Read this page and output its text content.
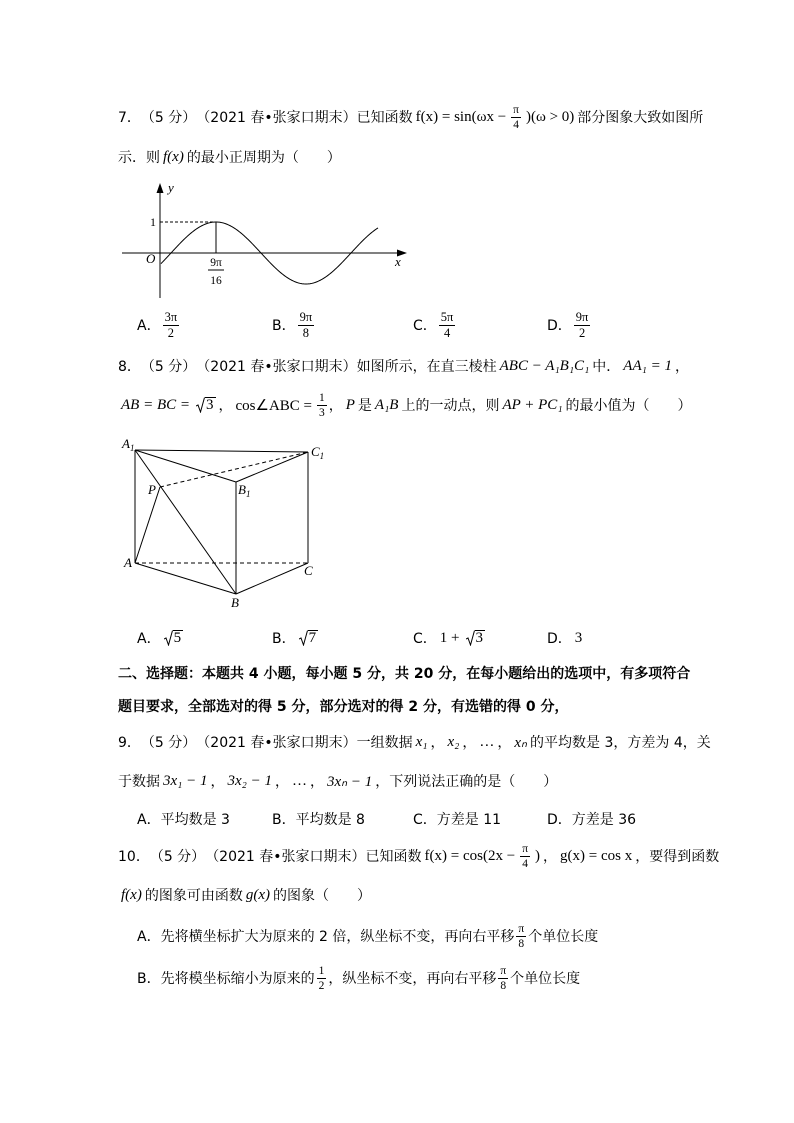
7． （5 分） （2021 春•张家口期末） 已知函数 $f(x) = \sin(\omega x - \frac{\pi}{4} )(\omega > 0)$ 部分图象大致如图所
示．则 f(x) 的最小正周期为（　　）
y
x
O
1
9π
16
A． $\frac{3\pi}{2}$	B． $\frac{9\pi}{8}$	C． $\frac{5\pi}{4}$	D． $\frac{9\pi}{2}$
8． （5 分） （2021 春•张家口期末） 如图所示，在直三棱柱 ABC − A₁B₁C₁ 中． AA₁ = 1 ，
AB = BC = 3 ， cos∠ABC = $\frac{1}{3}$ ， P 是 A₁B 上的一动点，则 AP + PC₁ 的最小值为（　　）
$A_1$	$C_1$
$B_1$
P
A
C
B
A． 5	B． 7	C． 1 + 3	D． 3
二、选择题：本题共 4 小题，每小题 5 分，共 20 分，在每小题给出的选项中，有多项符合
题目要求，全部选对的得 5 分，部分选对的得 2 分，有选错的得 0 分，
9． （5 分） （2021 春•张家口期末） 一组数据 x₁ ， x₂ ， … ， xₙ 的平均数是 3，方差为 4，关
于数据 3x₁ − 1 ， 3x₂ − 1 ， … ， 3xₙ − 1 ，下列说法正确的是（　　）
A． 平均数是 3	B． 平均数是 8	C． 方差是 11	D． 方差是 36
10． （5 分） （2021 春•张家口期末） 已知函数 $f(x) = \cos(2x - \frac{\pi}{4}$ ) ， g(x) = cos x ，要得到函数
f(x) 的图象可由函数 g(x) 的图象（　　）
A． 先将横坐标扩大为原来的 2 倍，纵坐标不变，再向右平移 $\frac{\pi}{8}$ 个单位长度
B． 先将模坐标缩小为原来的 $\frac{1}{2}$ ，纵坐标不变，再向右平移 $\frac{\pi}{8}$ 个单位长度
